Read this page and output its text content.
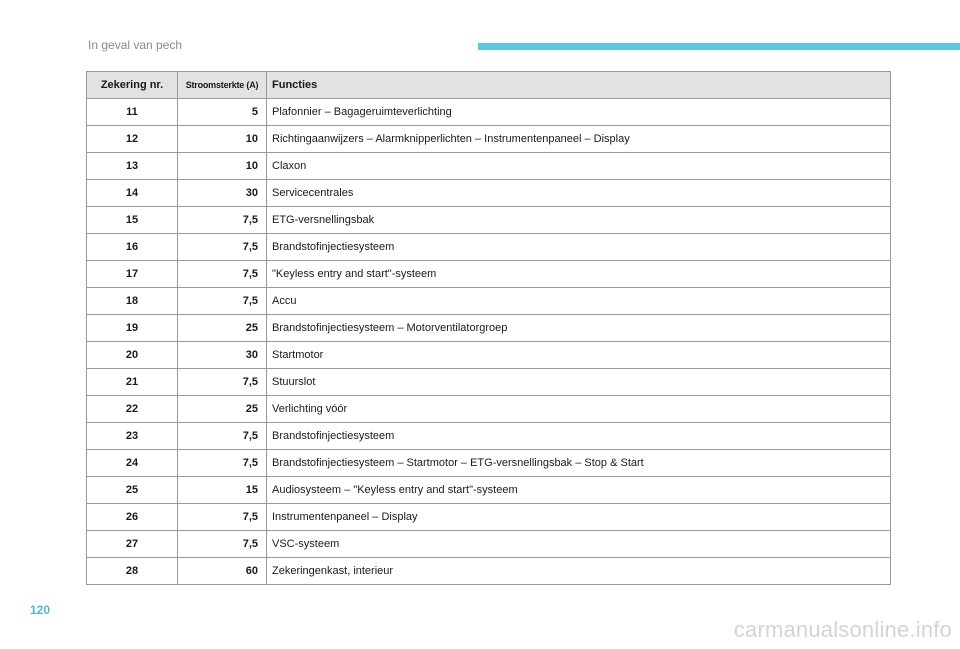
In geval van pech
Zekering nr.	Stroomsterkte (A)	Functies
11	5	Plafonnier – Bagageruimteverlichting
12	10	Richtingaanwijzers – Alarmknipperlichten – Instrumentenpaneel – Display
13	10	Claxon
14	30	Servicecentrales
15	7,5	ETG-versnellingsbak
16	7,5	Brandstofinjectiesysteem
17	7,5	"Keyless entry and start"-systeem
18	7,5	Accu
19	25	Brandstofinjectiesysteem – Motorventilatorgroep
20	30	Startmotor
21	7,5	Stuurslot
22	25	Verlichting vóór
23	7,5	Brandstofinjectiesysteem
24	7,5	Brandstofinjectiesysteem – Startmotor – ETG-versnellingsbak – Stop & Start
25	15	Audiosysteem – "Keyless entry and start"-systeem
26	7,5	Instrumentenpaneel – Display
27	7,5	VSC-systeem
28	60	Zekeringenkast, interieur
120
carmanualsonline.info
